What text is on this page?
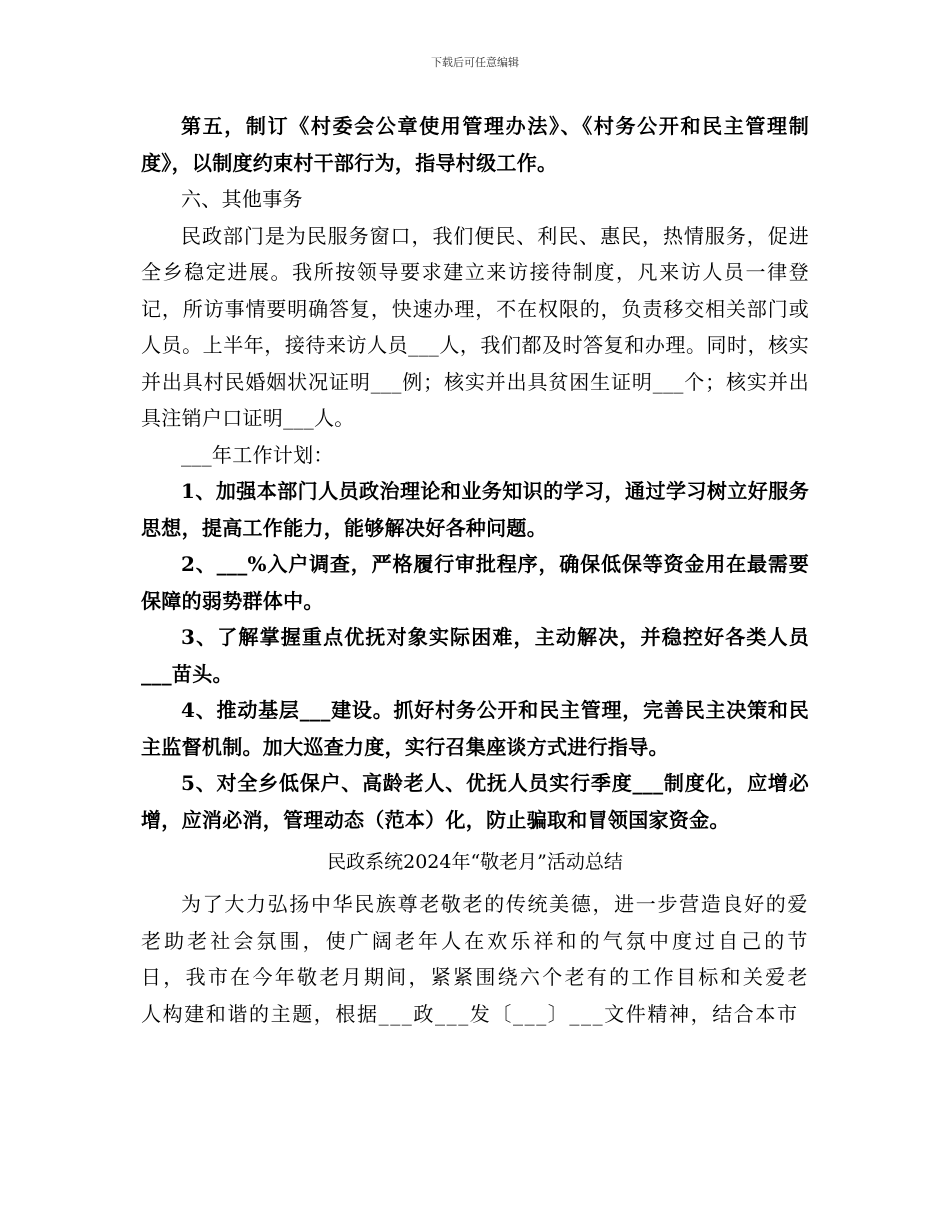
下载后可任意编辑

第五，制订《村委会公章使用管理办法》、《村务公开和民主管理制度》，以制度约束村干部行为，指导村级工作。

六、其他事务

民政部门是为民服务窗口，我们便民、利民、惠民，热情服务，促进全乡稳定进展。我所按领导要求建立来访接待制度，凡来访人员一律登记，所访事情要明确答复，快速办理，不在权限的，负责移交相关部门或人员。上半年，接待来访人员___人，我们都及时答复和办理。同时，核实并出具村民婚姻状况证明___例；核实并出具贫困生证明___个；核实并出具注销户口证明___人。

___年工作计划：

1、加强本部门人员政治理论和业务知识的学习，通过学习树立好服务思想，提高工作能力，能够解决好各种问题。

2、___%入户调查，严格履行审批程序，确保低保等资金用在最需要保障的弱势群体中。

3、了解掌握重点优抚对象实际困难，主动解决，并稳控好各类人员___苗头。

4、推动基层___建设。抓好村务公开和民主管理，完善民主决策和民主监督机制。加大巡查力度，实行召集座谈方式进行指导。

5、对全乡低保户、高龄老人、优抚人员实行季度___制度化，应增必增，应消必消，管理动态（范本）化，防止骗取和冒领国家资金。

民政系统2024年“敬老月”活动总结

为了大力弘扬中华民族尊老敬老的传统美德，进一步营造良好的爱老助老社会氛围，使广阔老年人在欢乐祥和的气氛中度过自己的节日，我市在今年敬老月期间，紧紧围绕六个老有的工作目标和关爱老人构建和谐的主题，根据___政___发〔___〕___文件精神，结合本市
